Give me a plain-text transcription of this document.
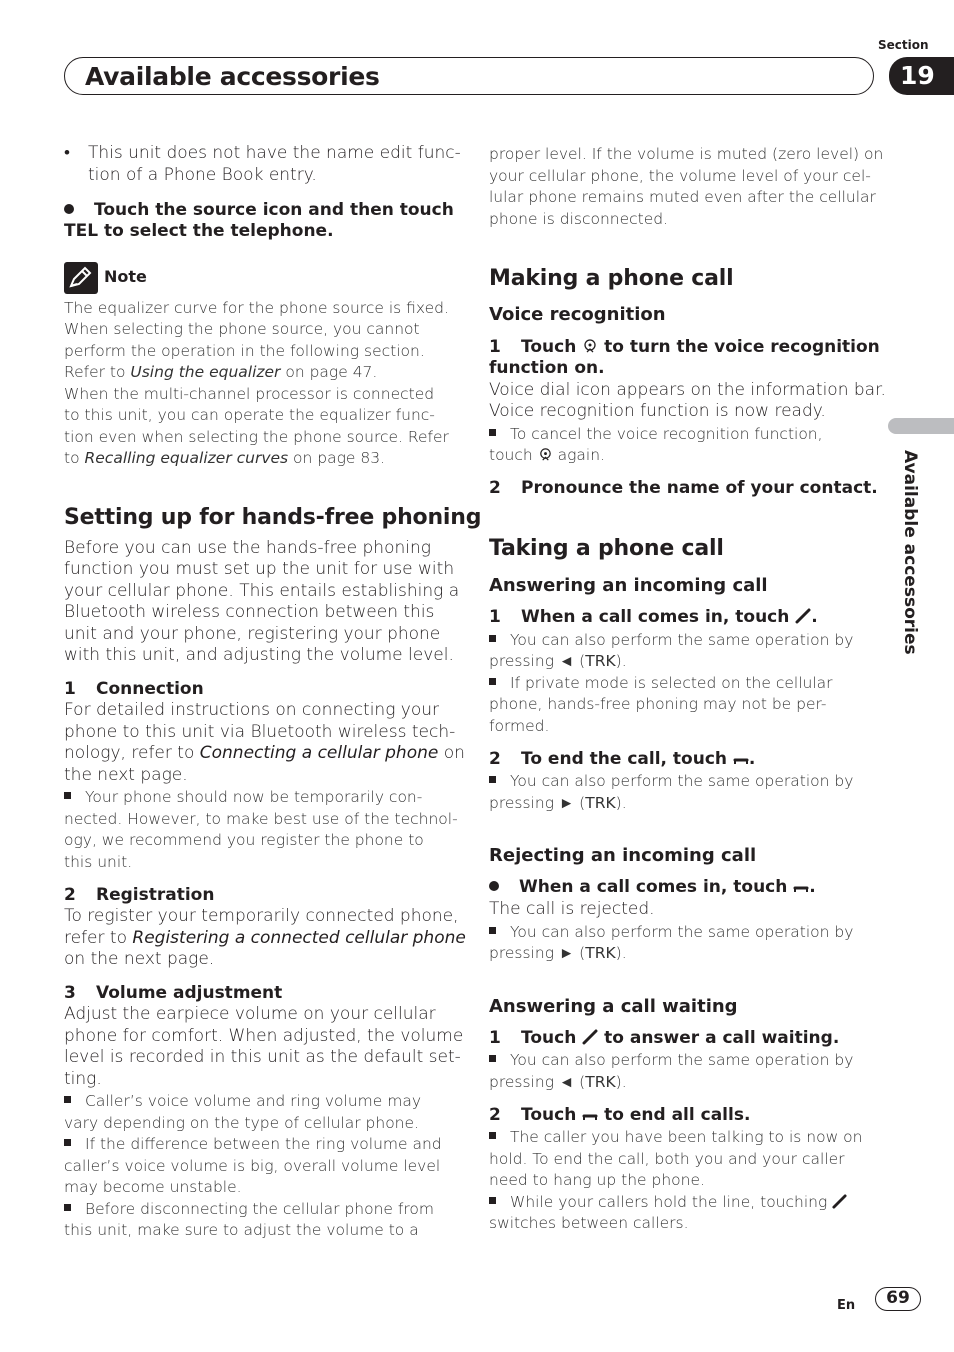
Section
Available accessories	19
Available accessories
• This unit does not have the name edit func-
tion of a Phone Book entry.
Touch the source icon and then touch
TEL to select the telephone.
Note
The equalizer curve for the phone source is fixed.
When selecting the phone source, you cannot
perform the operation in the following section.
Refer to Using the equalizer on page 47.
When the multi-channel processor is connected
to this unit, you can operate the equalizer func-
tion even when selecting the phone source. Refer
to Recalling equalizer curves on page 83.
Setting up for hands-free phoning
Before you can use the hands-free phoning
function you must set up the unit for use with
your cellular phone. This entails establishing a
Bluetooth wireless connection between this
unit and your phone, registering your phone
with this unit, and adjusting the volume level.
1 Connection
For detailed instructions on connecting your
phone to this unit via Bluetooth wireless tech-
nology, refer to Connecting a cellular phone on
the next page.
Your phone should now be temporarily con-
nected. However, to make best use of the technol-
ogy, we recommend you register the phone to
this unit.
2 Registration
To register your temporarily connected phone,
refer to Registering a connected cellular phone
on the next page.
3 Volume adjustment
Adjust the earpiece volume on your cellular
phone for comfort. When adjusted, the volume
level is recorded in this unit as the default set-
ting.
Caller’s voice volume and ring volume may
vary depending on the type of cellular phone.
If the difference between the ring volume and
caller’s voice volume is big, overall volume level
may become unstable.
Before disconnecting the cellular phone from
this unit, make sure to adjust the volume to a
proper level. If the volume is muted (zero level) on
your cellular phone, the volume level of your cel-
lular phone remains muted even after the cellular
phone is disconnected.
Making a phone call
Voice recognition
1 Touch  to turn the voice recognition
function on.
Voice dial icon appears on the information bar.
Voice recognition function is now ready.
To cancel the voice recognition function,
touch  again.
2 Pronounce the name of your contact.
Taking a phone call
Answering an incoming call
1 When a call comes in, touch .
You can also perform the same operation by
pressing ◄ (TRK).
If private mode is selected on the cellular
phone, hands-free phoning may not be per-
formed.
2 To end the call, touch .
You can also perform the same operation by
pressing ► (TRK).
Rejecting an incoming call
When a call comes in, touch .
The call is rejected.
You can also perform the same operation by
pressing ► (TRK).
Answering a call waiting
1 Touch  to answer a call waiting.
You can also perform the same operation by
pressing ◄ (TRK).
2 Touch  to end all calls.
The caller you have been talking to is now on
hold. To end the call, both you and your caller
need to hang up the phone.
While your callers hold the line, touching
switches between callers.
En	69
